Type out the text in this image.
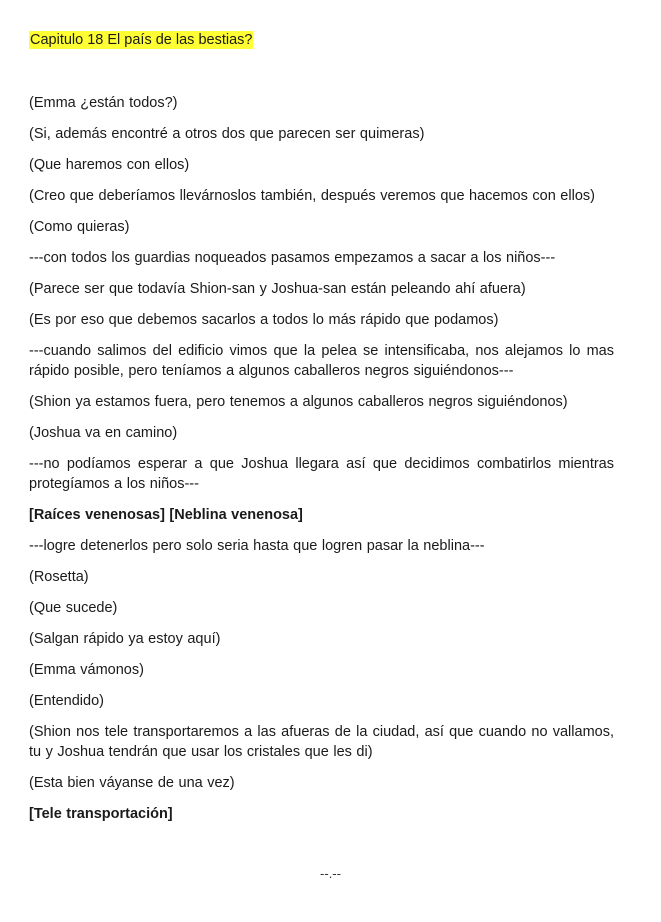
Capitulo 18 El país de las bestias?
(Emma ¿están todos?)
(Si, además encontré a otros dos que parecen ser quimeras)
(Que haremos con ellos)
(Creo que deberíamos llevárnoslos también, después veremos que hacemos con ellos)
(Como quieras)
---con todos los guardias noqueados pasamos empezamos a sacar a los niños---
(Parece ser que todavía Shion-san y Joshua-san están peleando ahí afuera)
(Es por eso que debemos sacarlos a todos lo más rápido que podamos)
---cuando salimos del edificio vimos que la pelea se intensificaba, nos alejamos lo mas rápido posible, pero teníamos a algunos caballeros negros siguiéndonos---
(Shion ya estamos fuera, pero tenemos a algunos caballeros negros siguiéndonos)
(Joshua va en camino)
---no podíamos esperar a que Joshua llegara así que decidimos combatirlos mientras protegíamos a los niños---
[Raíces venenosas] [Neblina venenosa]
---logre detenerlos pero solo seria hasta que logren pasar la neblina---
(Rosetta)
(Que sucede)
(Salgan rápido ya estoy aquí)
(Emma vámonos)
(Entendido)
(Shion nos tele transportaremos a las afueras de la ciudad, así que cuando no vallamos, tu y Joshua tendrán que usar los cristales que les di)
(Esta bien váyanse de una vez)
[Tele transportación]
--.--
